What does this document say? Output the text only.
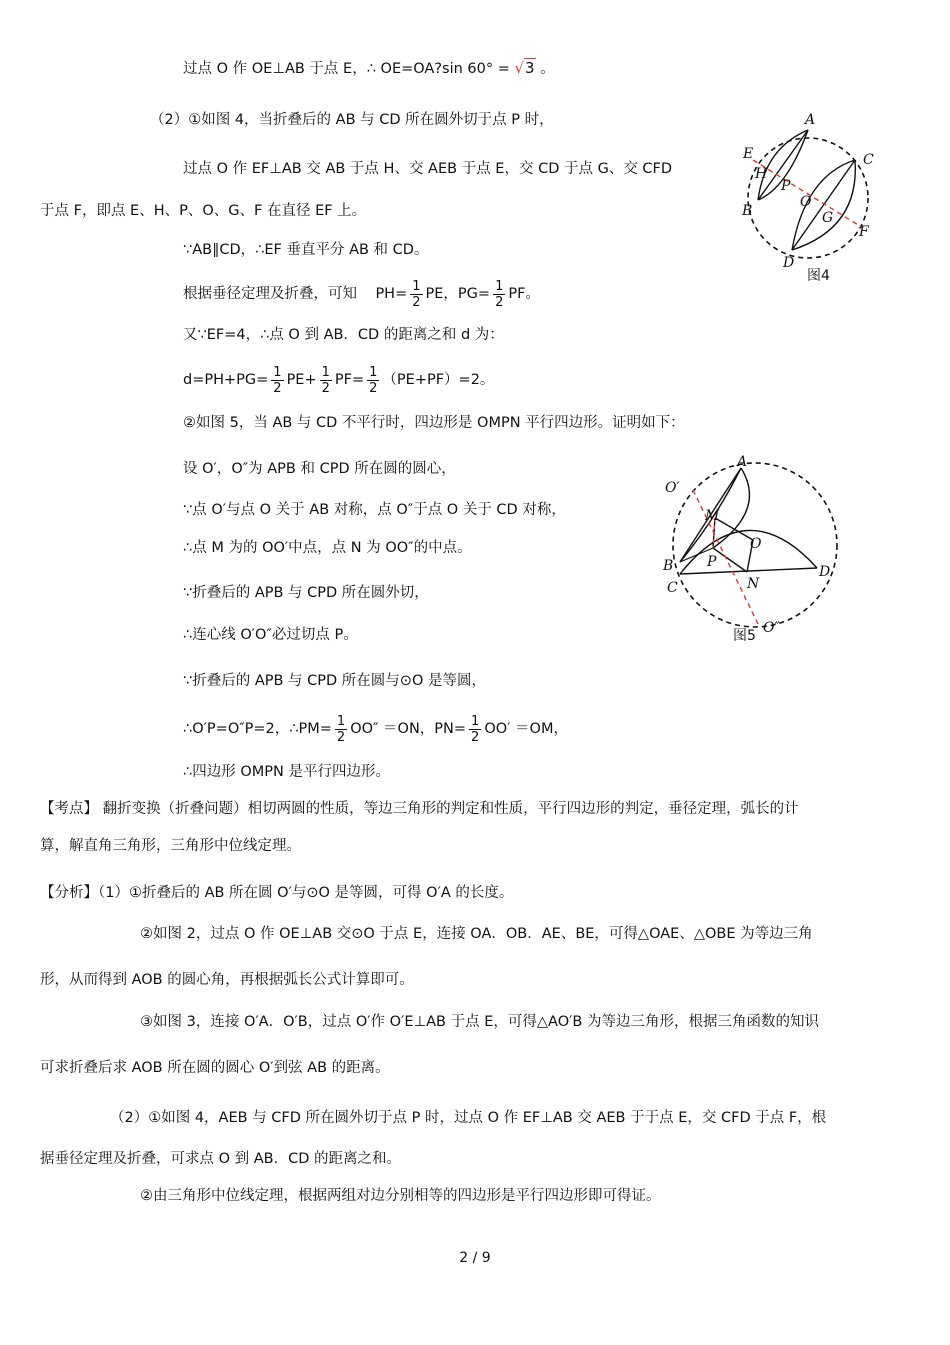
过点 O 作 OE⊥AB 于点 E，∴ OE=OA?sin 60° = √3 。
（2）①如图 4，当折叠后的 AB 与 CD 所在圆外切于点 P 时，
过点 O 作 EF⊥AB 交 AB 于点 H、交 AEB 于点 E，交 CD 于点 G、交 CFD
于点 F，即点 E、H、P、O、G、F 在直径 EF 上。
∵AB∥CD，∴EF 垂直平分 AB 和 CD。
根据垂径定理及折叠，可知 $PH= \frac{1}{2}$ PE，$PG= \frac{1}{2}$ PF。
又∵EF=4，∴点 O 到 AB．CD 的距离之和 d 为：
$d=PH+PG= \frac{1}{2} PE+ \frac{1}{2} PF= \frac{1}{2} (PE+PF)=2$。
②如图 5，当 AB 与 CD 不平行时，四边形是 OMPN 平行四边形。证明如下：
设 O′，O″为 APB 和 CPD 所在圆的圆心，
∵点 O′与点 O 关于 AB 对称，点 O″于点 O 关于 CD 对称，
∴点 M 为的 OO′中点，点 N 为 OO″的中点。
∵折叠后的 APB 与 CPD 所在圆外切，
∴连心线 O′O″必过切点 P。
∵折叠后的 APB 与 CPD 所在圆与⊙O 是等圆，
∴O′P=O″P=2，∴PM= $\frac{1}{2} OO'' =ON$，$PN= \frac{1}{2} OO' =OM$，
∴四边形 OMPN 是平行四边形。
【考点】 翻折变换（折叠问题）相切两圆的性质，等边三角形的判定和性质，平行四边形的判定，垂径定理，弧长的计
算，解直角三角形，三角形中位线定理。
【分析】（1）①折叠后的 AB 所在圆 O′与⊙O 是等圆，可得 O′A 的长度。
②如图 2，过点 O 作 OE⊥AB 交⊙O 于点 E，连接 OA．OB．AE、BE，可得△OAE、△OBE 为等边三角
形，从而得到 AOB 的圆心角，再根据弧长公式计算即可。
③如图 3，连接 O′A．O′B，过点 O′作 O′E⊥AB 于点 E，可得△AO′B 为等边三角形，根据三角函数的知识
可求折叠后求 AOB 所在圆的圆心 O′到弦 AB 的距离。
（2）①如图 4，AEB 与 CFD 所在圆外切于点 P 时，过点 O 作 EF⊥AB 交 AEB 于于点 E，交 CFD 于点 F，根
据垂径定理及折叠，可求点 O 到 AB．CD 的距离之和。
②由三角形中位线定理，根据两组对边分别相等的四边形是平行四边形即可得证。
A
B
C
D
E
F
H
P
O
G
图4
O′
A
M
O
B P
C	N
D
O″
图5
2 / 9
